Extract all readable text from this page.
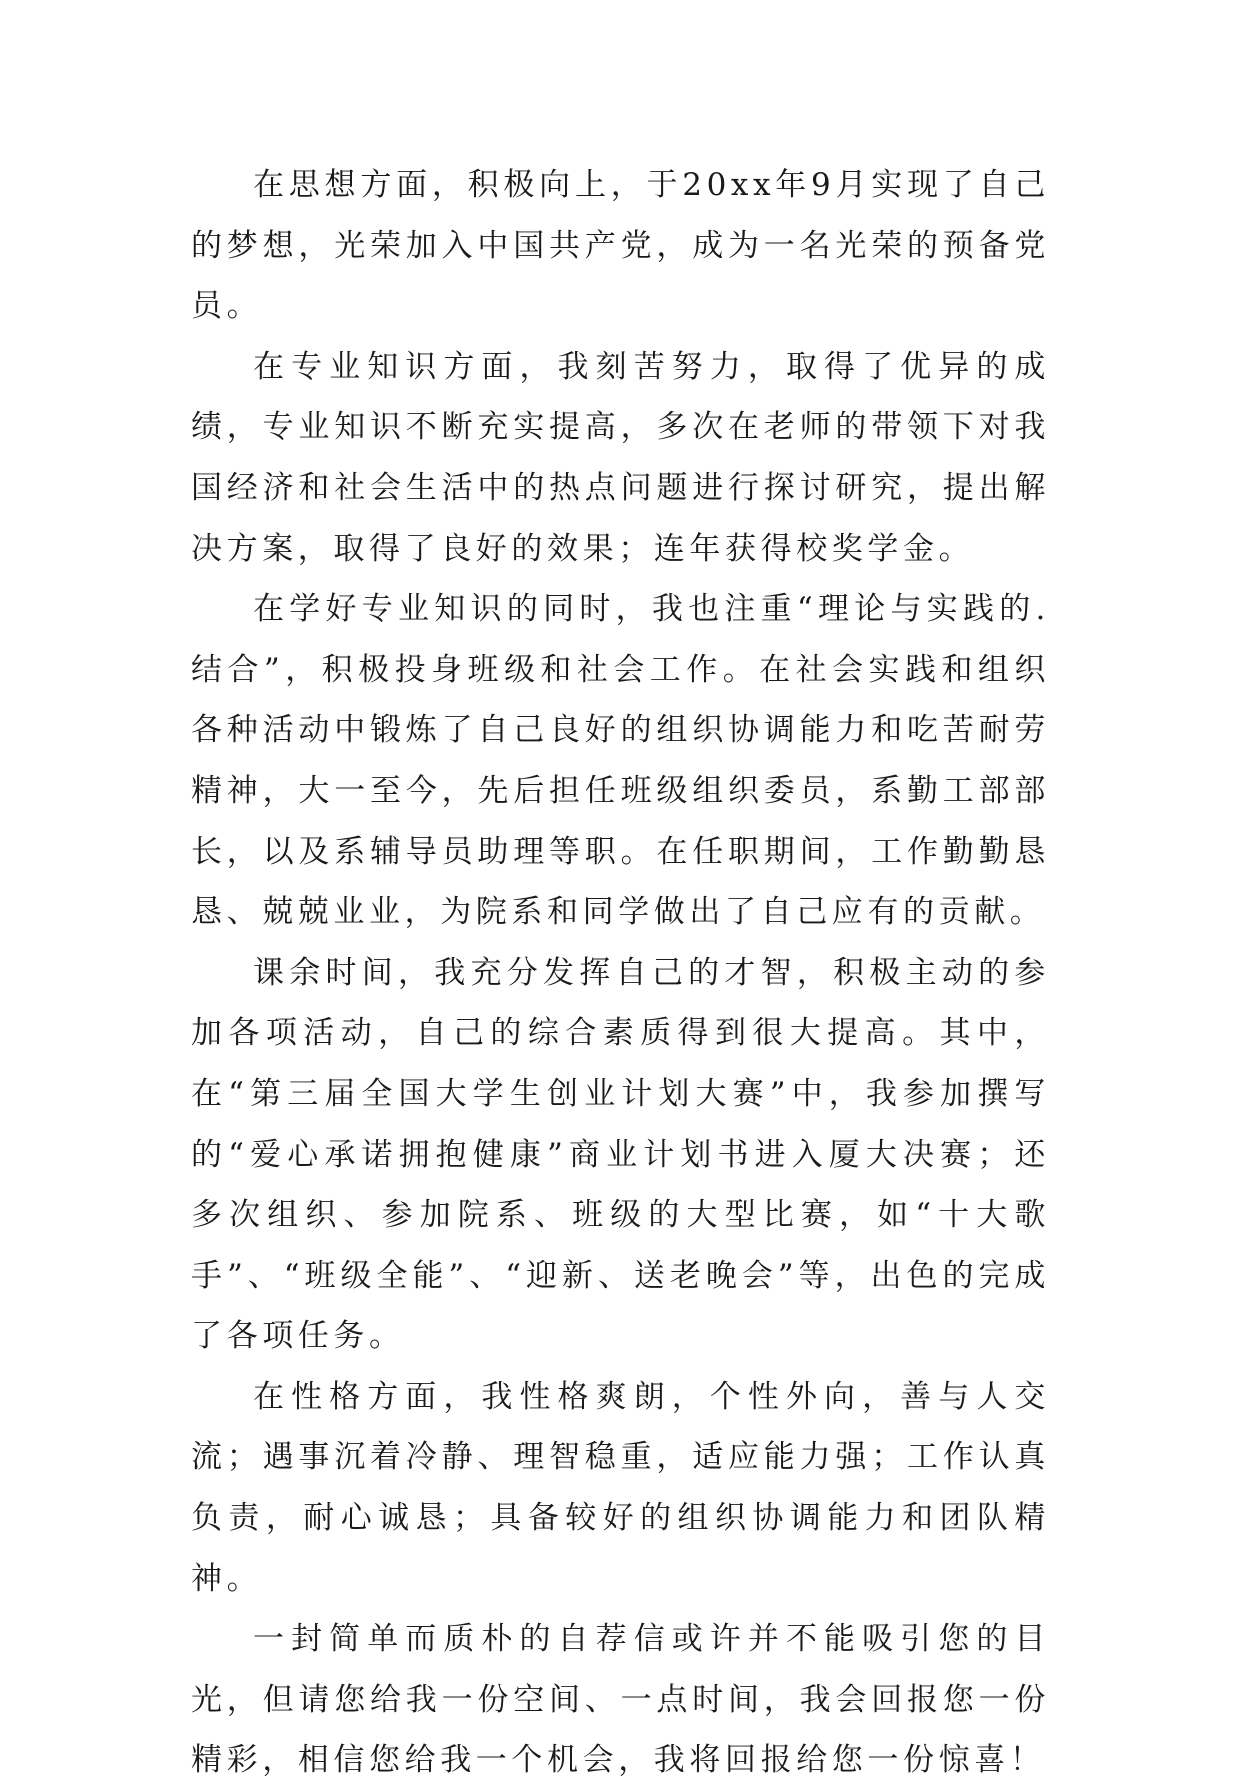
在思想方面，积极向上，于20xx年9月实现了自己的梦想，光荣加入中国共产党，成为一名光荣的预备党员。

在专业知识方面，我刻苦努力，取得了优异的成绩，专业知识不断充实提高，多次在老师的带领下对我国经济和社会生活中的热点问题进行探讨研究，提出解决方案，取得了良好的效果；连年获得校奖学金。

在学好专业知识的同时，我也注重“理论与实践的.结合”，积极投身班级和社会工作。在社会实践和组织各种活动中锻炼了自己良好的组织协调能力和吃苦耐劳精神，大一至今，先后担任班级组织委员，系勤工部部长，以及系辅导员助理等职。在任职期间，工作勤勤恳恳、兢兢业业，为院系和同学做出了自己应有的贡献。

课余时间，我充分发挥自己的才智，积极主动的参加各项活动，自己的综合素质得到很大提高。其中，在“第三届全国大学生创业计划大赛”中，我参加撰写的“爱心承诺拥抱健康”商业计划书进入厦大决赛；还多次组织、参加院系、班级的大型比赛，如“十大歌手”、“班级全能”、“迎新、送老晚会”等，出色的完成了各项任务。

在性格方面，我性格爽朗，个性外向，善与人交流；遇事沉着冷静、理智稳重，适应能力强；工作认真负责，耐心诚恳；具备较好的组织协调能力和团队精神。

一封简单而质朴的自荐信或许并不能吸引您的目光，但请您给我一份空间、一点时间，我会回报您一份精彩，相信您给我一个机会，我将回报给您一份惊喜！
